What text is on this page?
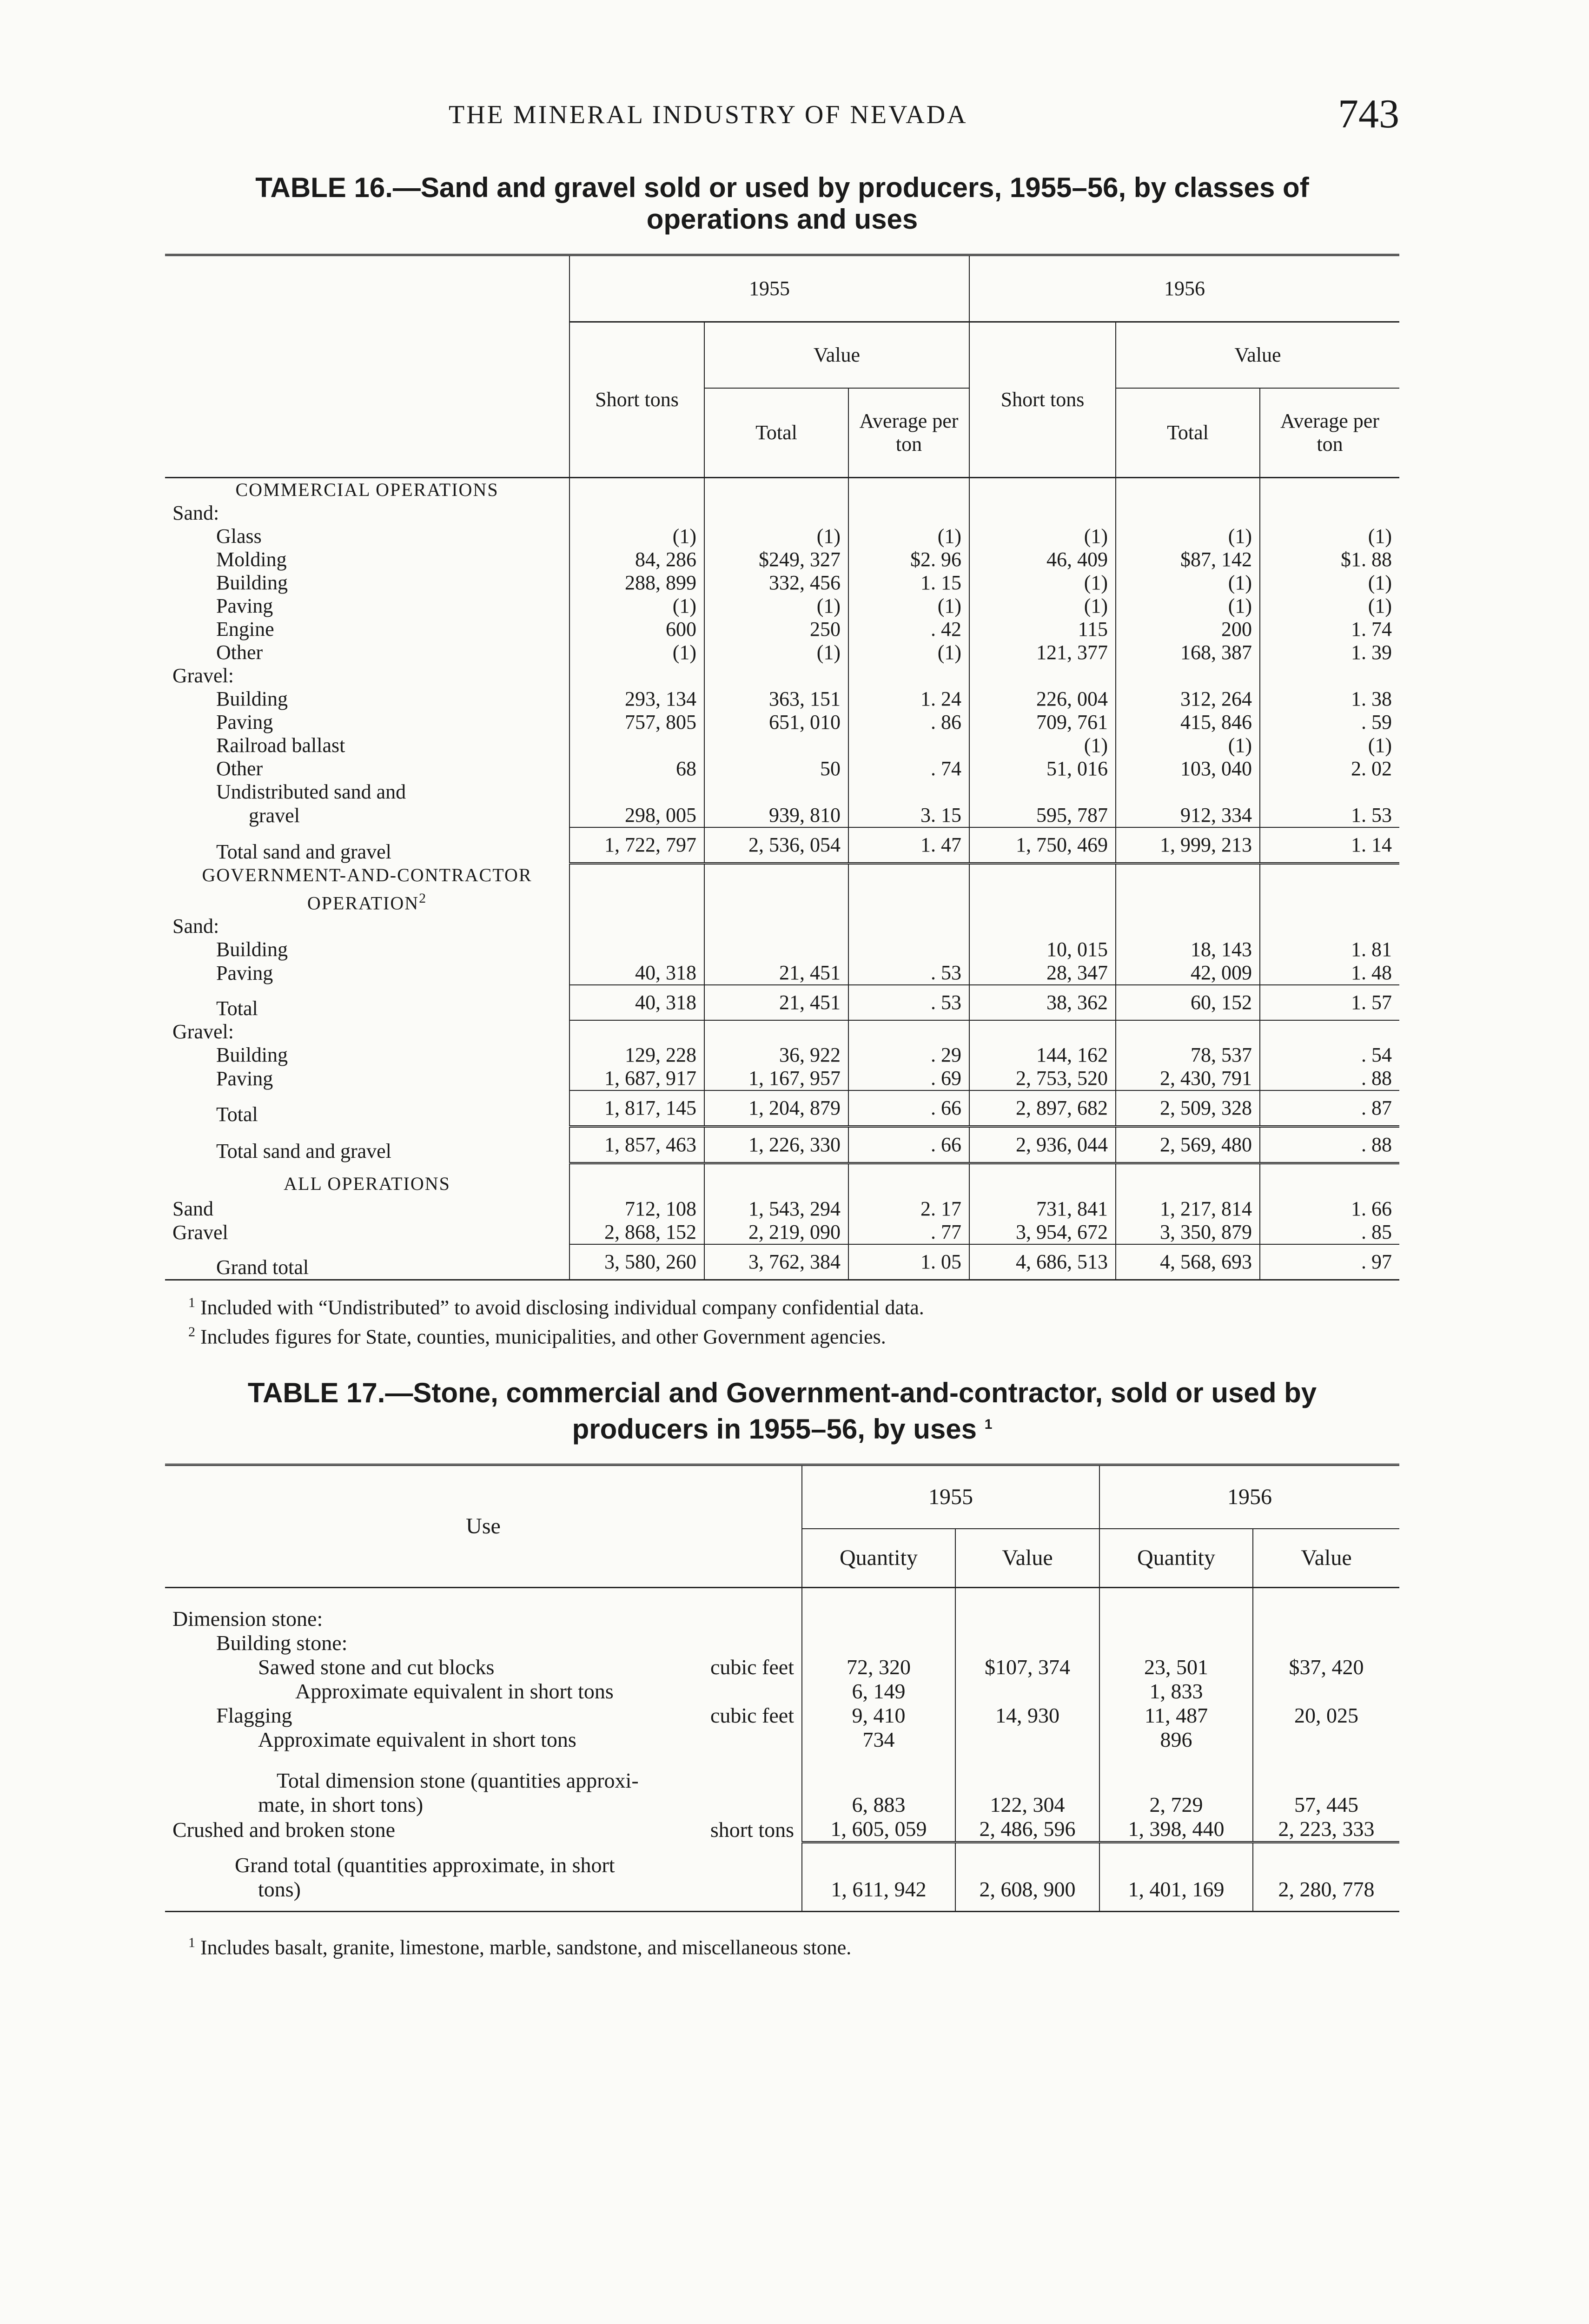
THE MINERAL INDUSTRY OF NEVADA	743
TABLE 16.—Sand and gravel sold or used by producers, 1955–56, by classes of
operations and uses
	1955			1956		
	Short tons	Value		Short tons	Value	
		Total	Average per ton		Total	Average per ton
COMMERCIAL OPERATIONS						
Sand:						
Glass	(1)	(1)	(1)	(1)	(1)	(1)
Molding	84, 286	$249, 327	$2. 96	46, 409	$87, 142	$1. 88
Building	288, 899	332, 456	1. 15	(1)	(1)	(1)
Paving	(1)	(1)	(1)	(1)	(1)	(1)
Engine	600	250	. 42	115	200	1. 74
Other	(1)	(1)	(1)	121, 377	168, 387	1. 39
Gravel:						
Building	293, 134	363, 151	1. 24	226, 004	312, 264	1. 38
Paving	757, 805	651, 010	. 86	709, 761	415, 846	. 59
Railroad ballast				(1)	(1)	(1)
Other	68	50	. 74	51, 016	103, 040	2. 02
Undistributed sand and						
gravel	298, 005	939, 810	3. 15	595, 787	912, 334	1. 53
Total sand and gravel	1, 722, 797	2, 536, 054	1. 47	1, 750, 469	1, 999, 213	1. 14
GOVERNMENT-AND-CONTRACTOR OPERATION$^2$						
Sand:						
Building				10, 015	18, 143	1. 81
Paving	40, 318	21, 451	. 53	28, 347	42, 009	1. 48
Total	40, 318	21, 451	. 53	38, 362	60, 152	1. 57
Gravel:						
Building	129, 228	36, 922	. 29	144, 162	78, 537	. 54
Paving	1, 687, 917	1, 167, 957	. 69	2, 753, 520	2, 430, 791	. 88
Total	1, 817, 145	1, 204, 879	. 66	2, 897, 682	2, 509, 328	. 87
Total sand and gravel	1, 857, 463	1, 226, 330	. 66	2, 936, 044	2, 569, 480	. 88
ALL OPERATIONS						
Sand	712, 108	1, 543, 294	2. 17	731, 841	1, 217, 814	1. 66
Gravel	2, 868, 152	2, 219, 090	. 77	3, 954, 672	3, 350, 879	. 85
Grand total	3, 580, 260	3, 762, 384	1. 05	4, 686, 513	4, 568, 693	. 97
$^1$ Included with “Undistributed” to avoid disclosing individual company confidential data.
$^2$ Includes figures for State, counties, municipalities, and other Government agencies.
TABLE 17.—Stone, commercial and Government-and-contractor, sold or used by
producers in 1955–56, by uses $^1$
Use	1955		1956	
	Quantity	Value	Quantity	Value
Dimension stone:				
Building stone:				
Sawed stone and cut blocks cubic feet	72, 320	$107, 374	23, 501	$37, 420
Approximate equivalent in short tons	6, 149		1, 833	
Flagging cubic feet	9, 410	14, 930	11, 487	20, 025
Approximate equivalent in short tons	734		896	
Total dimension stone (quantities approxi-				
mate, in short tons)	6, 883	122, 304	2, 729	57, 445
Crushed and broken stone short tons	1, 605, 059	2, 486, 596	1, 398, 440	2, 223, 333
Grand total (quantities approximate, in short				
tons)	1, 611, 942	2, 608, 900	1, 401, 169	2, 280, 778
$^1$ Includes basalt, granite, limestone, marble, sandstone, and miscellaneous stone.
